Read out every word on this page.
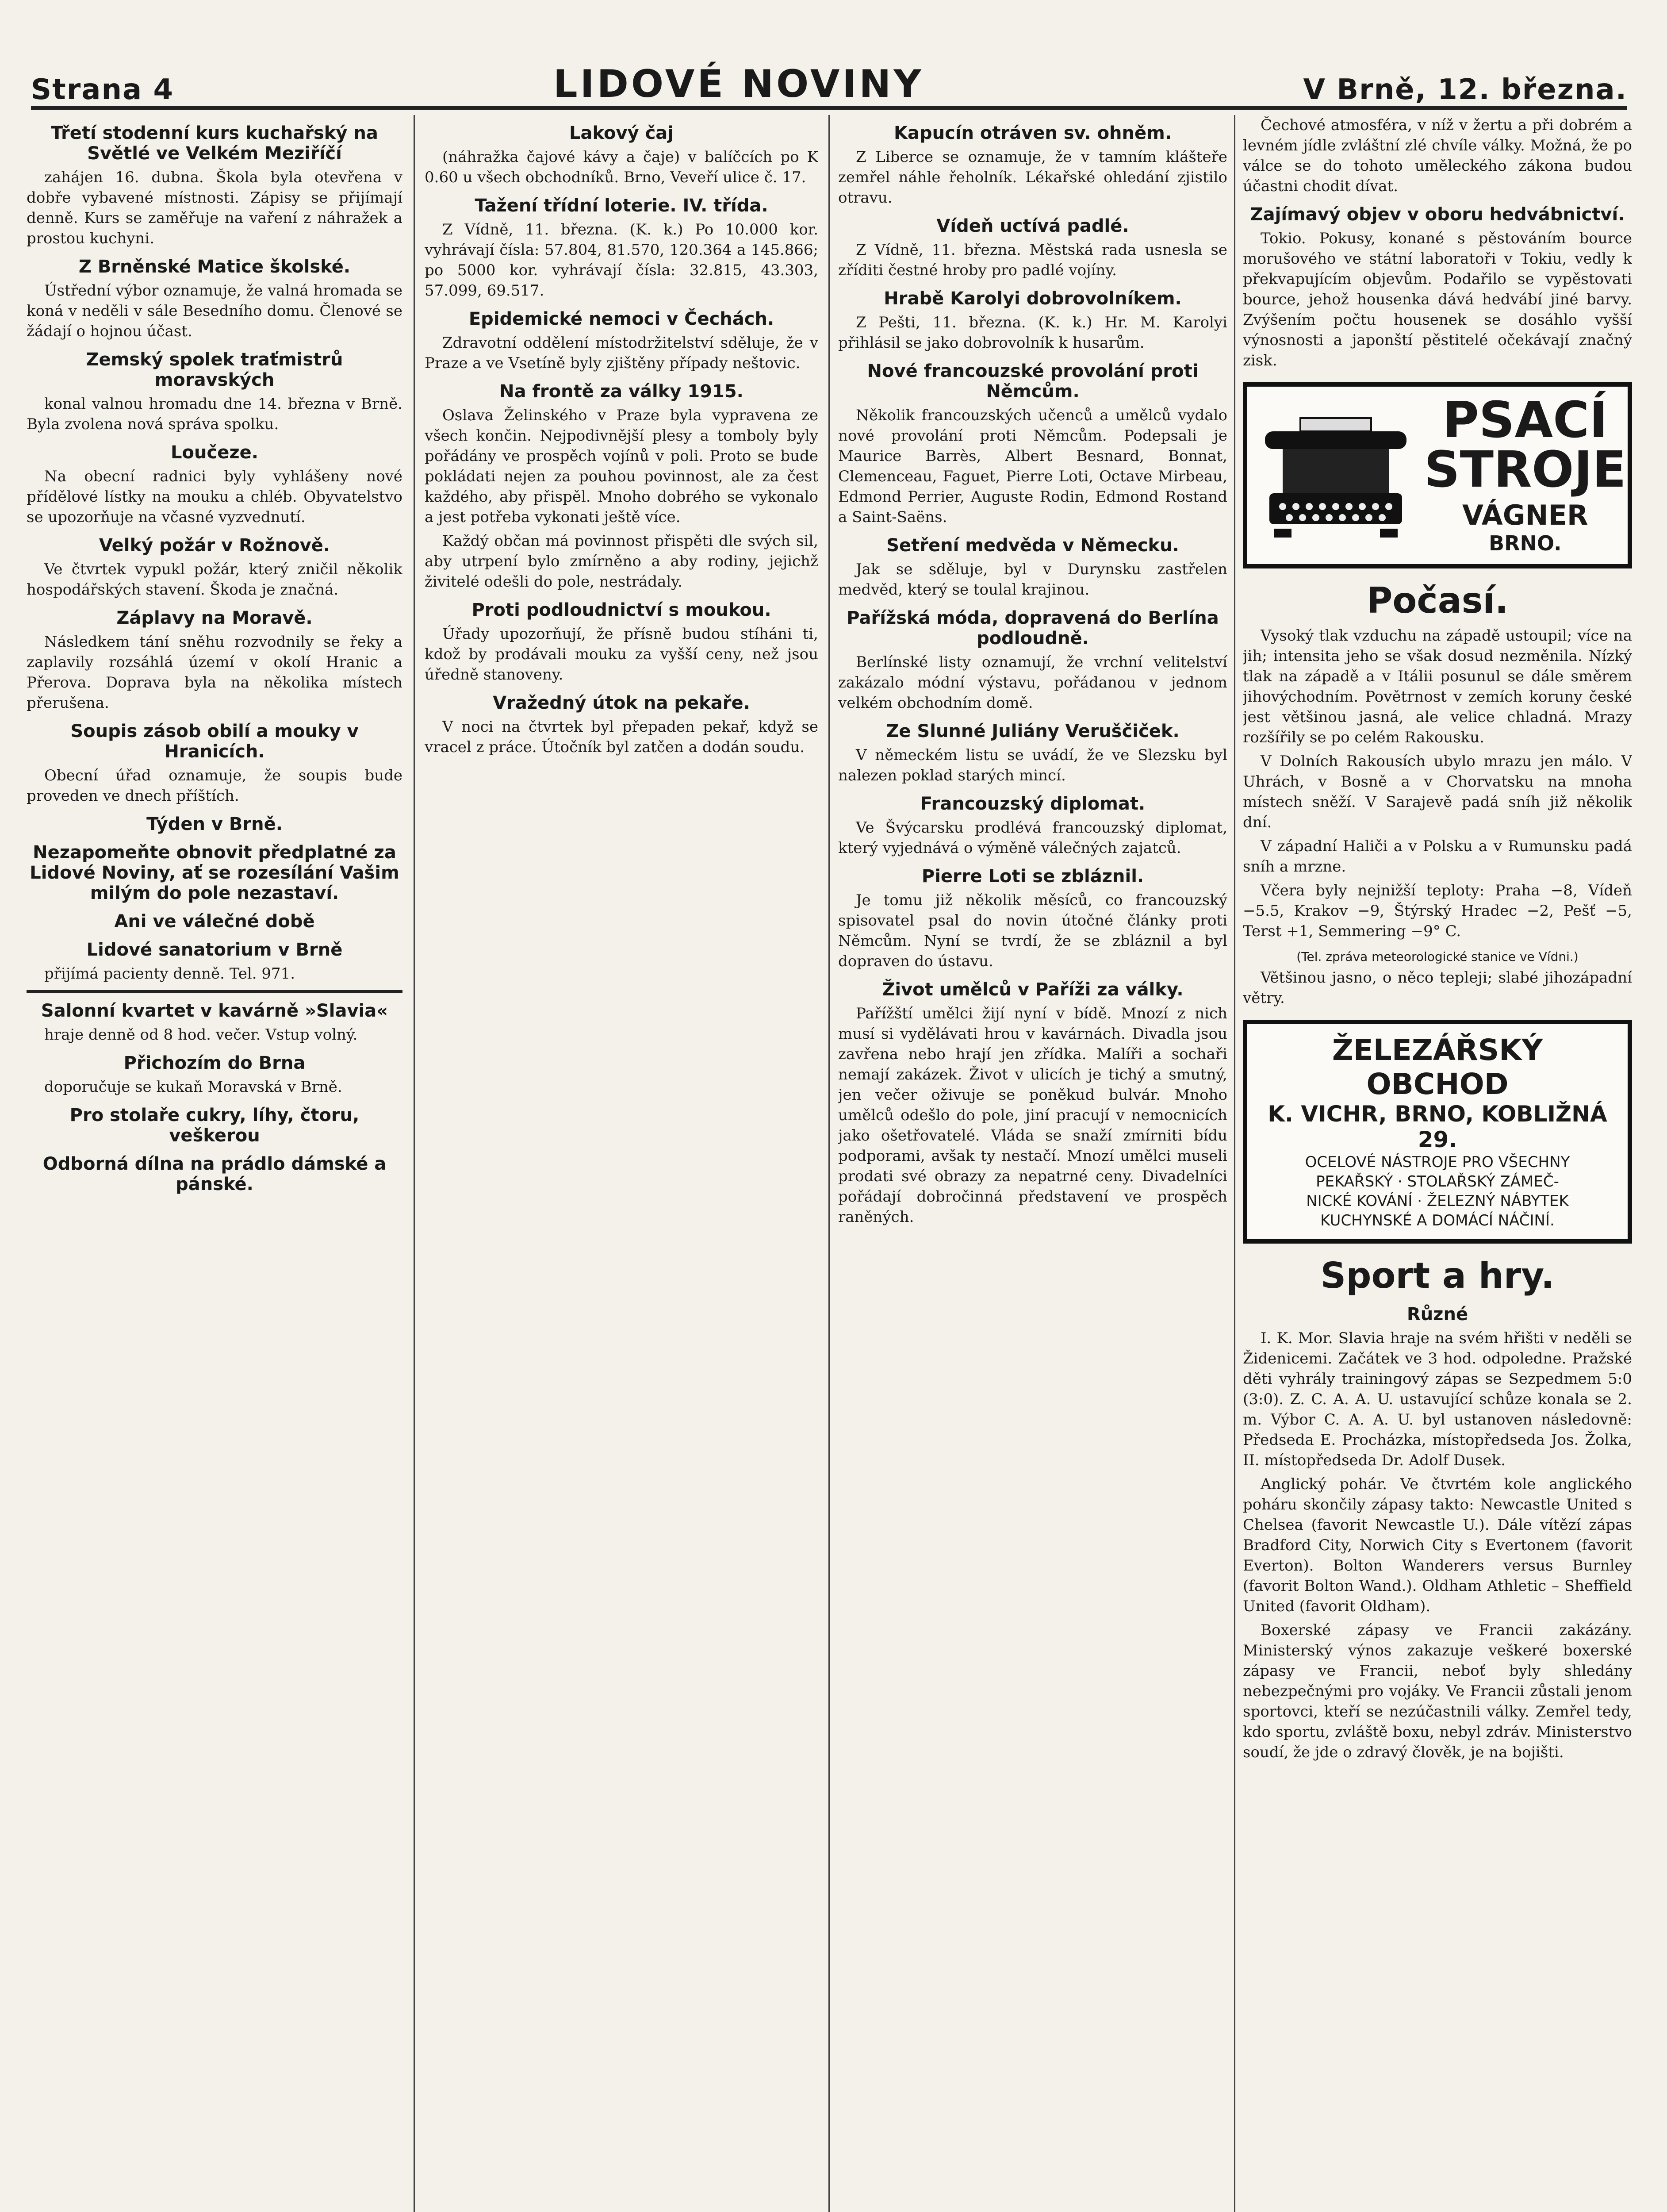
Strana 4	LIDOVÉ NOVINY	V Brně, 12. března.
Třetí stodenní kurs kuchařský na Světlé ve Velkém Meziříčí

zahájen 16. dubna. Škola byla otevřena v dobře vybavené místnosti. Zápisy se přijímají denně. Kurs se zaměřuje na vaření z náhražek a prostou kuchyni.

Z Brněnské Matice školské.

Ústřední výbor oznamuje, že valná hromada se koná v neděli v sále Besedního domu. Členové se žádají o hojnou účast.

Zemský spolek traťmistrů moravských

konal valnou hromadu dne 14. března v Brně. Byla zvolena nová správa spolku.

Loučeze.

Na obecní radnici byly vyhlášeny nové přídělové lístky na mouku a chléb. Obyvatelstvo se upozorňuje na včasné vyzvednutí.

Velký požár v Rožnově.

Ve čtvrtek vypukl požár, který zničil několik hospodářských stavení. Škoda je značná.

Záplavy na Moravě.

Následkem tání sněhu rozvodnily se řeky a zaplavily rozsáhlá území v okolí Hranic a Přerova. Doprava byla na několika místech přerušena.

Soupis zásob obilí a mouky v Hranicích.

Obecní úřad oznamuje, že soupis bude proveden ve dnech příštích.

Týden v Brně.
Nezapomeňte obnovit předplatné za Lidové Noviny, ať se rozesílání Vašim milým do pole nezastaví.
Ani ve válečné době
Lidové sanatorium v Brně

přijímá pacienty denně. Tel. 971.

Salonní kvartet v kavárně »Slavia«

hraje denně od 8 hod. večer. Vstup volný.

Přichozím do Brna

doporučuje se kukaň Moravská v Brně.

Pro stolaře cukry, líhy, čtoru, veškerou
Odborná dílna na prádlo dámské a pánské.
Lakový čaj

(náhražka čajové kávy a čaje) v balíčcích po K 0.60 u všech obchodníků. Brno, Veveří ulice č. 17.

Tažení třídní loterie. IV. třída.

Z Vídně, 11. března. (K. k.) Po 10.000 kor. vyhrávají čísla: 57.804, 81.570, 120.364 a 145.866; po 5000 kor. vyhrávají čísla: 32.815, 43.303, 57.099, 69.517.

Epidemické nemoci v Čechách.

Zdravotní oddělení místodržitelství sděluje, že v Praze a ve Vsetíně byly zjištěny případy neštovic.

Na frontě za války 1915.

Oslava Želinského v Praze byla vypravena ze všech končin. Nejpodivnější plesy a tomboly byly pořádány ve prospěch vojínů v poli. Proto se bude pokládati nejen za pouhou povinnost, ale za čest každého, aby přispěl. Mnoho dobrého se vykonalo a jest potřeba vykonati ještě více.

Každý občan má povinnost přispěti dle svých sil, aby utrpení bylo zmírněno a aby rodiny, jejichž živitelé odešli do pole, nestrádaly.

Proti podloudnictví s moukou.

Úřady upozorňují, že přísně budou stíháni ti, kdož by prodávali mouku za vyšší ceny, než jsou úředně stanoveny.

Vražedný útok na pekaře.

V noci na čtvrtek byl přepaden pekař, když se vracel z práce. Útočník byl zatčen a dodán soudu.

Kapucín otráven sv. ohněm.

Z Liberce se oznamuje, že v tamním klášteře zemřel náhle řeholník. Lékařské ohledání zjistilo otravu.

Vídeň uctívá padlé.

Z Vídně, 11. března. Městská rada usnesla se zříditi čestné hroby pro padlé vojíny.

Hrabě Karolyi dobrovolníkem.

Z Pešti, 11. března. (K. k.) Hr. M. Karolyi přihlásil se jako dobrovolník k husarům.

Nové francouzské provolání proti Němcům.

Několik francouzských učenců a umělců vydalo nové provolání proti Němcům. Podepsali je Maurice Barrès, Albert Besnard, Bonnat, Clemenceau, Faguet, Pierre Loti, Octave Mirbeau, Edmond Perrier, Auguste Rodin, Edmond Rostand a Saint-Saëns.

Setření medvěda v Německu.

Jak se sděluje, byl v Durynsku zastřelen medvěd, který se toulal krajinou.

Pařížská móda, dopravená do Berlína podloudně.

Berlínské listy oznamují, že vrchní velitelství zakázalo módní výstavu, pořádanou v jednom velkém obchodním domě.

Ze Slunné Juliány Veruščiček.

V německém listu se uvádí, že ve Slezsku byl nalezen poklad starých mincí.

Francouzský diplomat.

Ve Švýcarsku prodlévá francouzský diplomat, který vyjednává o výměně válečných zajatců.

Pierre Loti se zbláznil.

Je tomu již několik měsíců, co francouzský spisovatel psal do novin útočné články proti Němcům. Nyní se tvrdí, že se zbláznil a byl dopraven do ústavu.

Život umělců v Paříži za války.

Pařížští umělci žijí nyní v bídě. Mnozí z nich musí si vydělávati hrou v kavárnách. Divadla jsou zavřena nebo hrají jen zřídka. Malíři a sochaři nemají zakázek. Život v ulicích je tichý a smutný, jen večer oživuje se poněkud bulvár. Mnoho umělců odešlo do pole, jiní pracují v nemocnicích jako ošetřovatelé. Vláda se snaží zmírniti bídu podporami, avšak ty nestačí. Mnozí umělci museli prodati své obrazy za nepatrné ceny. Divadelníci pořádají dobročinná představení ve prospěch raněných.

Čechové atmosféra, v níž v žertu a při dobrém a levném jídle zvláštní zlé chvíle války. Možná, že po válce se do tohoto uměleckého zákona budou účastni chodit dívat.

Zajímavý objev v oboru hedvábnictví.

Tokio. Pokusy, konané s pěstováním bource morušového ve státní laboratoři v Tokiu, vedly k překvapujícím objevům. Podařilo se vypěstovati bource, jehož housenka dává hedvábí jiné barvy. Zvýšením počtu housenek se dosáhlo vyšší výnosnosti a japonští pěstitelé očekávají značný zisk.

PSACÍ
STROJE
VÁGNER
BRNO.
Počasí.

Vysoký tlak vzduchu na západě ustoupil; více na jih; intensita jeho se však dosud nezměnila. Nízký tlak na západě a v Itálii posunul se dále směrem jihovýchodním. Povětrnost v zemích koruny české jest většinou jasná, ale velice chladná. Mrazy rozšířily se po celém Rakousku.

V Dolních Rakousích ubylo mrazu jen málo. V Uhrách, v Bosně a v Chorvatsku na mnoha místech sněží. V Sarajevě padá sníh již několik dní.

V západní Haliči a v Polsku a v Rumunsku padá sníh a mrzne.

Včera byly nejnižší teploty: Praha −8, Vídeň −5.5, Krakov −9, Štýrský Hradec −2, Pešť −5, Terst +1, Semmering −9° C.

(Tel. zpráva meteorologické stanice ve Vídni.)

Většinou jasno, o něco tepleji; slabé jihozápadní větry.

ŽELEZÁŘSKÝ OBCHOD
K. VICHR, BRNO, KOBLIŽNÁ 29.
OCELOVÉ NÁSTROJE PRO VŠECHNY
PEKAŘSKÝ · STOLAŘSKÝ ZÁMEČ-
NICKÉ KOVÁNÍ · ŽELEZNÝ NÁBYTEK
KUCHYNSKÉ A DOMÁCÍ NÁČINÍ.
Sport a hry.
Různé

I. K. Mor. Slavia hraje na svém hřišti v neděli se Židenicemi. Začátek ve 3 hod. odpoledne. Pražské děti vyhrály trainingový zápas se Sezpedmem 5:0 (3:0). Z. C. A. A. U. ustavující schůze konala se 2. m. Výbor C. A. A. U. byl ustanoven následovně: Předseda E. Procházka, místopředseda Jos. Žolka, II. místopředseda Dr. Adolf Dusek.

Anglický pohár. Ve čtvrtém kole anglického poháru skončily zápasy takto: Newcastle United s Chelsea (favorit Newcastle U.). Dále vítězí zápas Bradford City, Norwich City s Evertonem (favorit Everton). Bolton Wanderers versus Burnley (favorit Bolton Wand.). Oldham Athletic – Sheffield United (favorit Oldham).

Boxerské zápasy ve Francii zakázány. Ministerský výnos zakazuje veškeré boxerské zápasy ve Francii, neboť byly shledány nebezpečnými pro vojáky. Ve Francii zůstali jenom sportovci, kteří se nezúčastnili války. Zemřel tedy, kdo sportu, zvláště boxu, nebyl zdráv. Ministerstvo soudí, že jde o zdravý člověk, je na bojišti.
